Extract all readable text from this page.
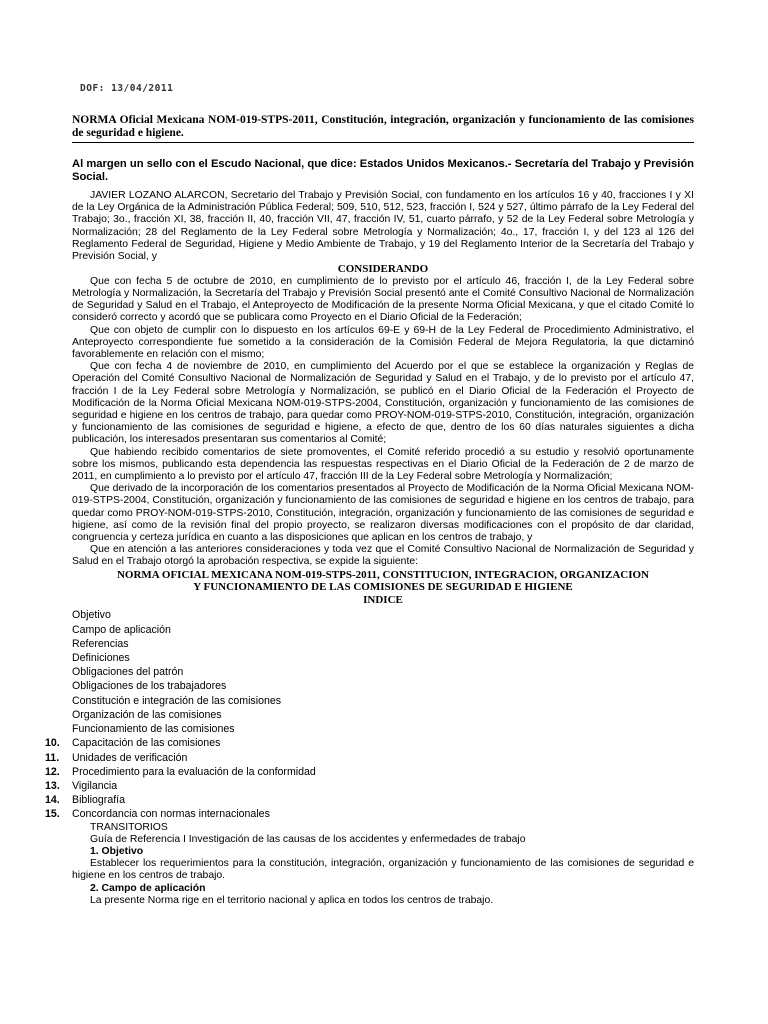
DOF: 13/04/2011
NORMA Oficial Mexicana NOM-019-STPS-2011, Constitución, integración, organización y funcionamiento de las comisiones de seguridad e higiene.
Al margen un sello con el Escudo Nacional, que dice: Estados Unidos Mexicanos.- Secretaría del Trabajo y Previsión Social.

JAVIER LOZANO ALARCON, Secretario del Trabajo y Previsión Social, con fundamento en los artículos 16 y 40, fracciones I y XI de la Ley Orgánica de la Administración Pública Federal; 509, 510, 512, 523, fracción I, 524 y 527, último párrafo de la Ley Federal del Trabajo; 3o., fracción XI, 38, fracción II, 40, fracción VII, 47, fracción IV, 51, cuarto párrafo, y 52 de la Ley Federal sobre Metrología y Normalización; 28 del Reglamento de la Ley Federal sobre Metrología y Normalización; 4o., 17, fracción I, y del 123 al 126 del Reglamento Federal de Seguridad, Higiene y Medio Ambiente de Trabajo, y 19 del Reglamento Interior de la Secretaría del Trabajo y Previsión Social, y

CONSIDERANDO

Que con fecha 5 de octubre de 2010, en cumplimiento de lo previsto por el artículo 46, fracción I, de la Ley Federal sobre Metrología y Normalización, la Secretaría del Trabajo y Previsión Social presentó ante el Comité Consultivo Nacional de Normalización de Seguridad y Salud en el Trabajo, el Anteproyecto de Modificación de la presente Norma Oficial Mexicana, y que el citado Comité lo consideró correcto y acordó que se publicara como Proyecto en el Diario Oficial de la Federación;

Que con objeto de cumplir con lo dispuesto en los artículos 69-E y 69-H de la Ley Federal de Procedimiento Administrativo, el Anteproyecto correspondiente fue sometido a la consideración de la Comisión Federal de Mejora Regulatoria, la que dictaminó favorablemente en relación con el mismo;

Que con fecha 4 de noviembre de 2010, en cumplimiento del Acuerdo por el que se establece la organización y Reglas de Operación del Comité Consultivo Nacional de Normalización de Seguridad y Salud en el Trabajo, y de lo previsto por el artículo 47, fracción I de la Ley Federal sobre Metrología y Normalización, se publicó en el Diario Oficial de la Federación el Proyecto de Modificación de la Norma Oficial Mexicana NOM-019-STPS-2004, Constitución, organización y funcionamiento de las comisiones de seguridad e higiene en los centros de trabajo, para quedar como PROY-NOM-019-STPS-2010, Constitución, integración, organización y funcionamiento de las comisiones de seguridad e higiene, a efecto de que, dentro de los 60 días naturales siguientes a dicha publicación, los interesados presentaran sus comentarios al Comité;

Que habiendo recibido comentarios de siete promoventes, el Comité referido procedió a su estudio y resolvió oportunamente sobre los mismos, publicando esta dependencia las respuestas respectivas en el Diario Oficial de la Federación de 2 de marzo de 2011, en cumplimiento a lo previsto por el artículo 47, fracción III de la Ley Federal sobre Metrología y Normalización;

Que derivado de la incorporación de los comentarios presentados al Proyecto de Modificación de la Norma Oficial Mexicana NOM-019-STPS-2004, Constitución, organización y funcionamiento de las comisiones de seguridad e higiene en los centros de trabajo, para quedar como PROY-NOM-019-STPS-2010, Constitución, integración, organización y funcionamiento de las comisiones de seguridad e higiene, así como de la revisión final del propio proyecto, se realizaron diversas modificaciones con el propósito de dar claridad, congruencia y certeza jurídica en cuanto a las disposiciones que aplican en los centros de trabajo, y

Que en atención a las anteriores consideraciones y toda vez que el Comité Consultivo Nacional de Normalización de Seguridad y Salud en el Trabajo otorgó la aprobación respectiva, se expide la siguiente:

NORMA OFICIAL MEXICANA NOM-019-STPS-2011, CONSTITUCION, INTEGRACION, ORGANIZACION

Y FUNCIONAMIENTO DE LAS COMISIONES DE SEGURIDAD E HIGIENE

INDICE

Objetivo
Campo de aplicación
Referencias
Definiciones
Obligaciones del patrón
Obligaciones de los trabajadores
Constitución e integración de las comisiones
Organización de las comisiones
Funcionamiento de las comisiones
10.	Capacitación de las comisiones
11.	Unidades de verificación
12.	Procedimiento para la evaluación de la conformidad
13.	Vigilancia
14.	Bibliografía
15.	Concordancia con normas internacionales

TRANSITORIOS

Guía de Referencia I Investigación de las causas de los accidentes y enfermedades de trabajo

1. Objetivo

Establecer los requerimientos para la constitución, integración, organización y funcionamiento de las comisiones de seguridad e higiene en los centros de trabajo.

2. Campo de aplicación

La presente Norma rige en el territorio nacional y aplica en todos los centros de trabajo.
